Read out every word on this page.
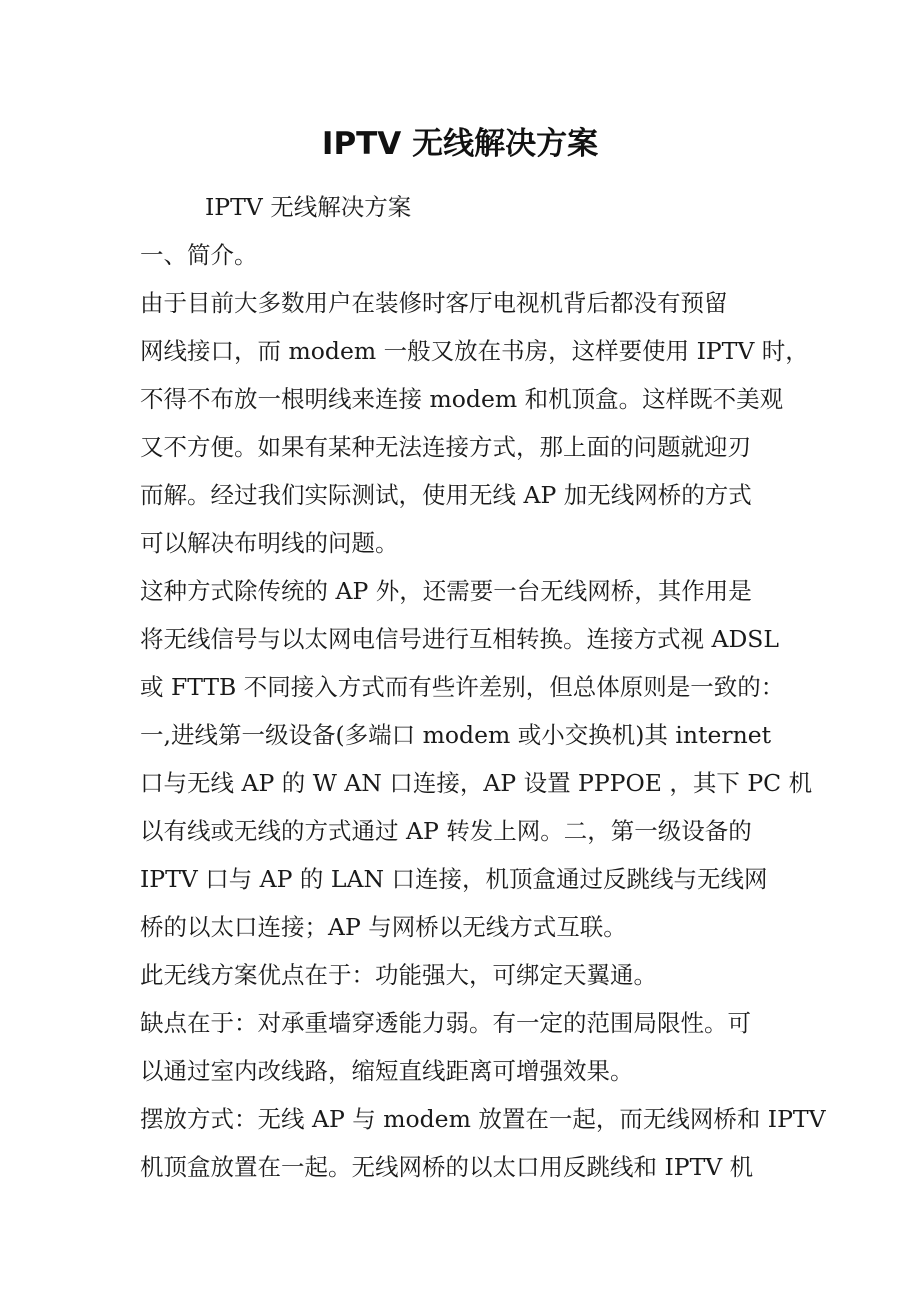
IPTV 无线解决方案
IPTV 无线解决方案
一、简介。
由于目前大多数用户在装修时客厅电视机背后都没有预留
网线接口，而 modem 一般又放在书房，这样要使用 IPTV 时，
不得不布放一根明线来连接 modem 和机顶盒。这样既不美观
又不方便。如果有某种无法连接方式，那上面的问题就迎刃
而解。经过我们实际测试，使用无线 AP 加无线网桥的方式
可以解决布明线的问题。
这种方式除传统的 AP 外，还需要一台无线网桥，其作用是
将无线信号与以太网电信号进行互相转换。连接方式视 ADSL
或 FTTB 不同接入方式而有些许差别，但总体原则是一致的：
一,进线第一级设备(多端口 modem 或小交换机)其 internet
口与无线 AP 的 W AN 口连接，AP 设置 PPPOE ，其下 PC 机
以有线或无线的方式通过 AP 转发上网。二，第一级设备的
IPTV 口与 AP 的 LAN 口连接，机顶盒通过反跳线与无线网
桥的以太口连接；AP 与网桥以无线方式互联。
此无线方案优点在于：功能强大，可绑定天翼通。
缺点在于：对承重墙穿透能力弱。有一定的范围局限性。可
以通过室内改线路，缩短直线距离可增强效果。
摆放方式：无线 AP 与 modem 放置在一起，而无线网桥和 IPTV
机顶盒放置在一起。无线网桥的以太口用反跳线和 IPTV 机
